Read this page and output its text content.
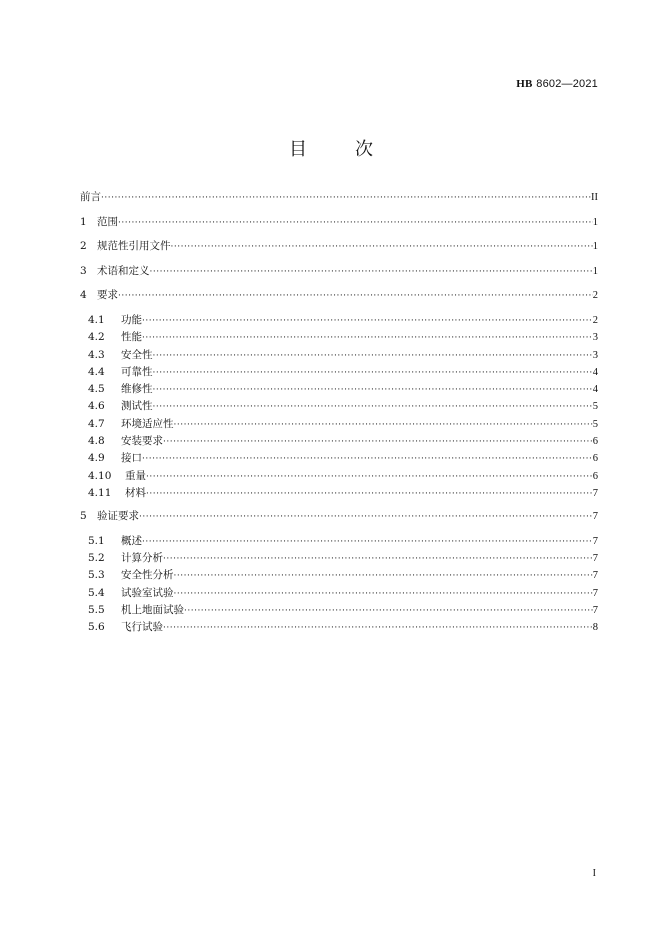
HB 8602—2021
目	次
前言 ·····	II
1 范围 ·····	1
2 规范性引用文件 ·····	1
3 术语和定义 ·····	1
4 要求 ·····	2
4.1	功能 ·····	2
4.2	性能 ·····	3
4.3	安全性 ·····	3
4.4	可靠性 ·····	4
4.5	维修性 ·····	4
4.6	测试性 ·····	5
4.7	环境适应性 ·····	5
4.8	安装要求 ·····	6
4.9	接口 ·····	6
4.10	重量 ·····	6
4.11	材料 ·····	7
5 验证要求 ·····	7
5.1	概述 ·····	7
5.2	计算分析 ·····	7
5.3	安全性分析 ·····	7
5.4	试验室试验 ·····	7
5.5	机上地面试验 ·····	7
5.6	飞行试验 ·····	8
I
